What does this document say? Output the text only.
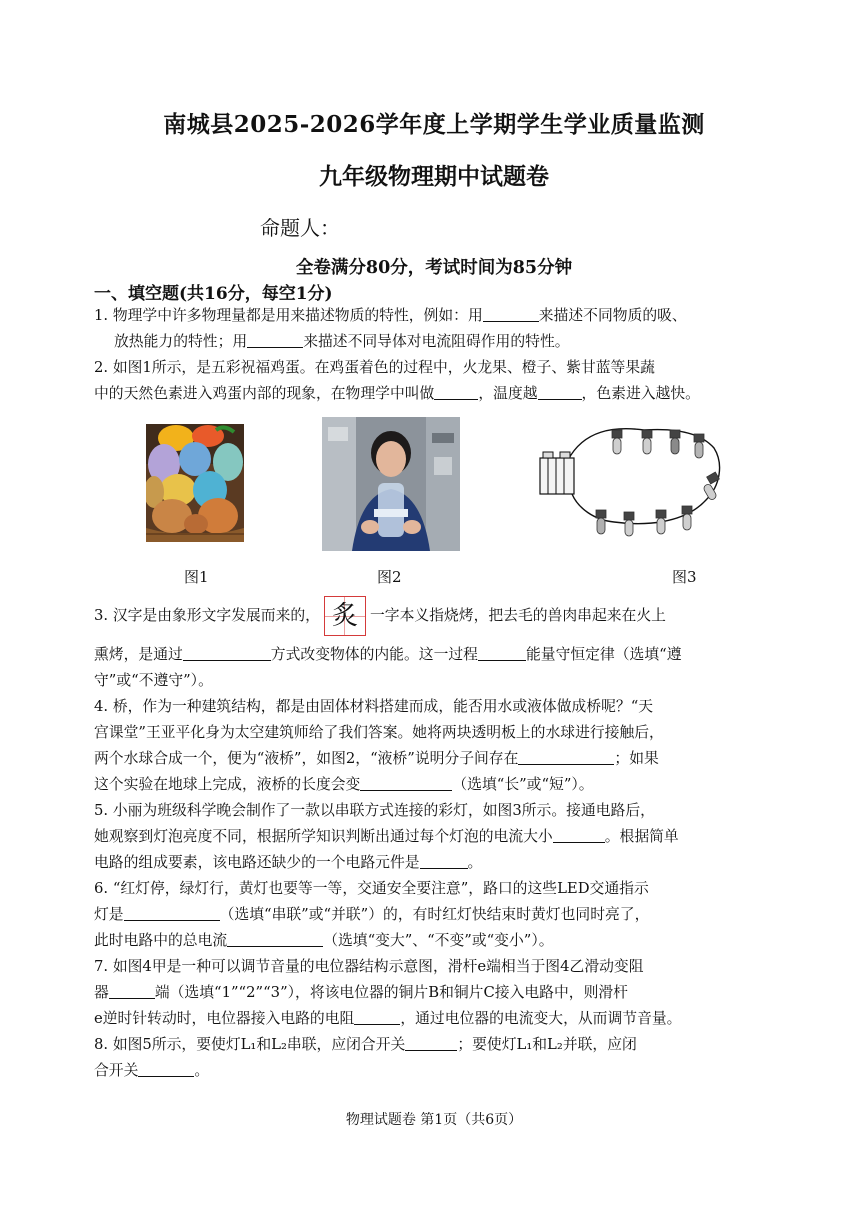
南城县2025-2026学年度上学期学生学业质量监测
九年级物理期中试题卷
命题人：
全卷满分80分，考试时间为85分钟
一、填空题(共16分，每空1分)
1. 物理学中许多物理量都是用来描述物质的特性，例如：用	来描述不同物质的吸、
放热能力的特性；用	来描述不同导体对电流阻碍作用的特性。
2. 如图1所示，是五彩祝福鸡蛋。在鸡蛋着色的过程中，火龙果、橙子、紫甘蓝等果蔬
中的天然色素进入鸡蛋内部的现象，在物理学中叫做	，温度越	，色素进入越快。
图1	图2	图3
3. 汉字是由象形文字发展而来的， 炙 一字本义指烧烤，把去毛的兽肉串起来在火上
熏烤，是通过	方式改变物体的内能。这一过程	能量守恒定律（选填“遵
守”或“不遵守”）。
4. 桥，作为一种建筑结构，都是由固体材料搭建而成，能否用水或液体做成桥呢？“天
宫课堂”王亚平化身为太空建筑师给了我们答案。她将两块透明板上的水球进行接触后，
两个水球合成一个，便为“液桥”，如图2，“液桥”说明分子间存在	；如果
这个实验在地球上完成，液桥的长度会变	（选填“长”或“短”）。
5. 小丽为班级科学晚会制作了一款以串联方式连接的彩灯，如图3所示。接通电路后，
她观察到灯泡亮度不同，根据所学知识判断出通过每个灯泡的电流大小	。根据简单
电路的组成要素，该电路还缺少的一个电路元件是	。
6. “红灯停，绿灯行，黄灯也要等一等，交通安全要注意”，路口的这些LED交通指示
灯是	（选填“串联”或“并联”）的，有时红灯快结束时黄灯也同时亮了，
此时电路中的总电流	（选填“变大”、“不变”或“变小”）。
7. 如图4甲是一种可以调节音量的电位器结构示意图，滑杆e端相当于图4乙滑动变阻
器	端（选填“1”“2”“3”），将该电位器的铜片B和铜片C接入电路中，则滑杆
e逆时针转动时，电位器接入电路的电阻	，通过电位器的电流变大，从而调节音量。
8. 如图5所示，要使灯L₁和L₂串联，应闭合开关	；要使灯L₁和L₂并联，应闭
合开关	。
物理试题卷 第1页（共6页）
